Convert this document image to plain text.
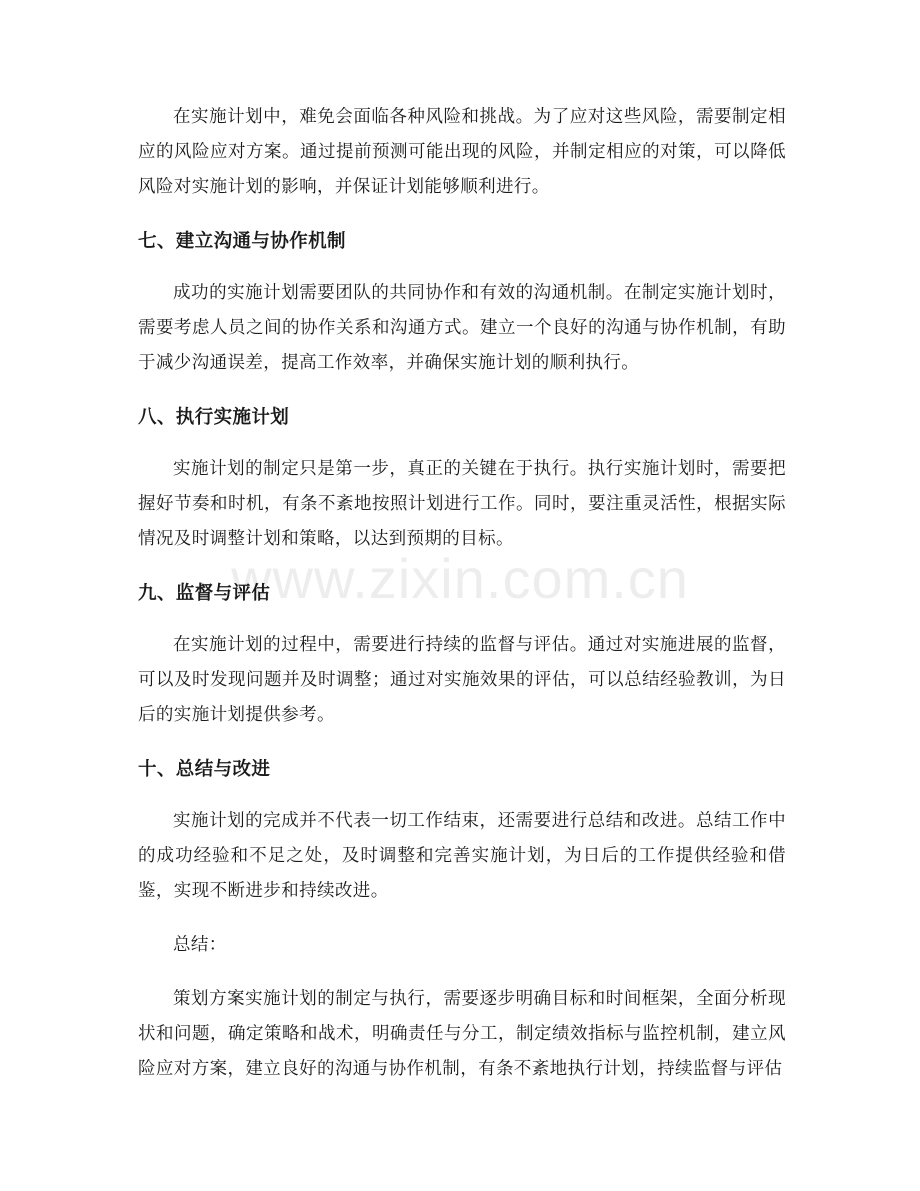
在实施计划中，难免会面临各种风险和挑战。为了应对这些风险，需要制定相应的风险应对方案。通过提前预测可能出现的风险，并制定相应的对策，可以降低风险对实施计划的影响，并保证计划能够顺利进行。

七、建立沟通与协作机制

成功的实施计划需要团队的共同协作和有效的沟通机制。在制定实施计划时，需要考虑人员之间的协作关系和沟通方式。建立一个良好的沟通与协作机制，有助于减少沟通误差，提高工作效率，并确保实施计划的顺利执行。

八、执行实施计划

实施计划的制定只是第一步，真正的关键在于执行。执行实施计划时，需要把握好节奏和时机，有条不紊地按照计划进行工作。同时，要注重灵活性，根据实际情况及时调整计划和策略，以达到预期的目标。

九、监督与评估

在实施计划的过程中，需要进行持续的监督与评估。通过对实施进展的监督，可以及时发现问题并及时调整；通过对实施效果的评估，可以总结经验教训，为日后的实施计划提供参考。

十、总结与改进

实施计划的完成并不代表一切工作结束，还需要进行总结和改进。总结工作中的成功经验和不足之处，及时调整和完善实施计划，为日后的工作提供经验和借鉴，实现不断进步和持续改进。

总结：

策划方案实施计划的制定与执行，需要逐步明确目标和时间框架，全面分析现状和问题，确定策略和战术，明确责任与分工，制定绩效指标与监控机制，建立风险应对方案，建立良好的沟通与协作机制，有条不紊地执行计划，持续监督与评估

www.zixin.com.cn
